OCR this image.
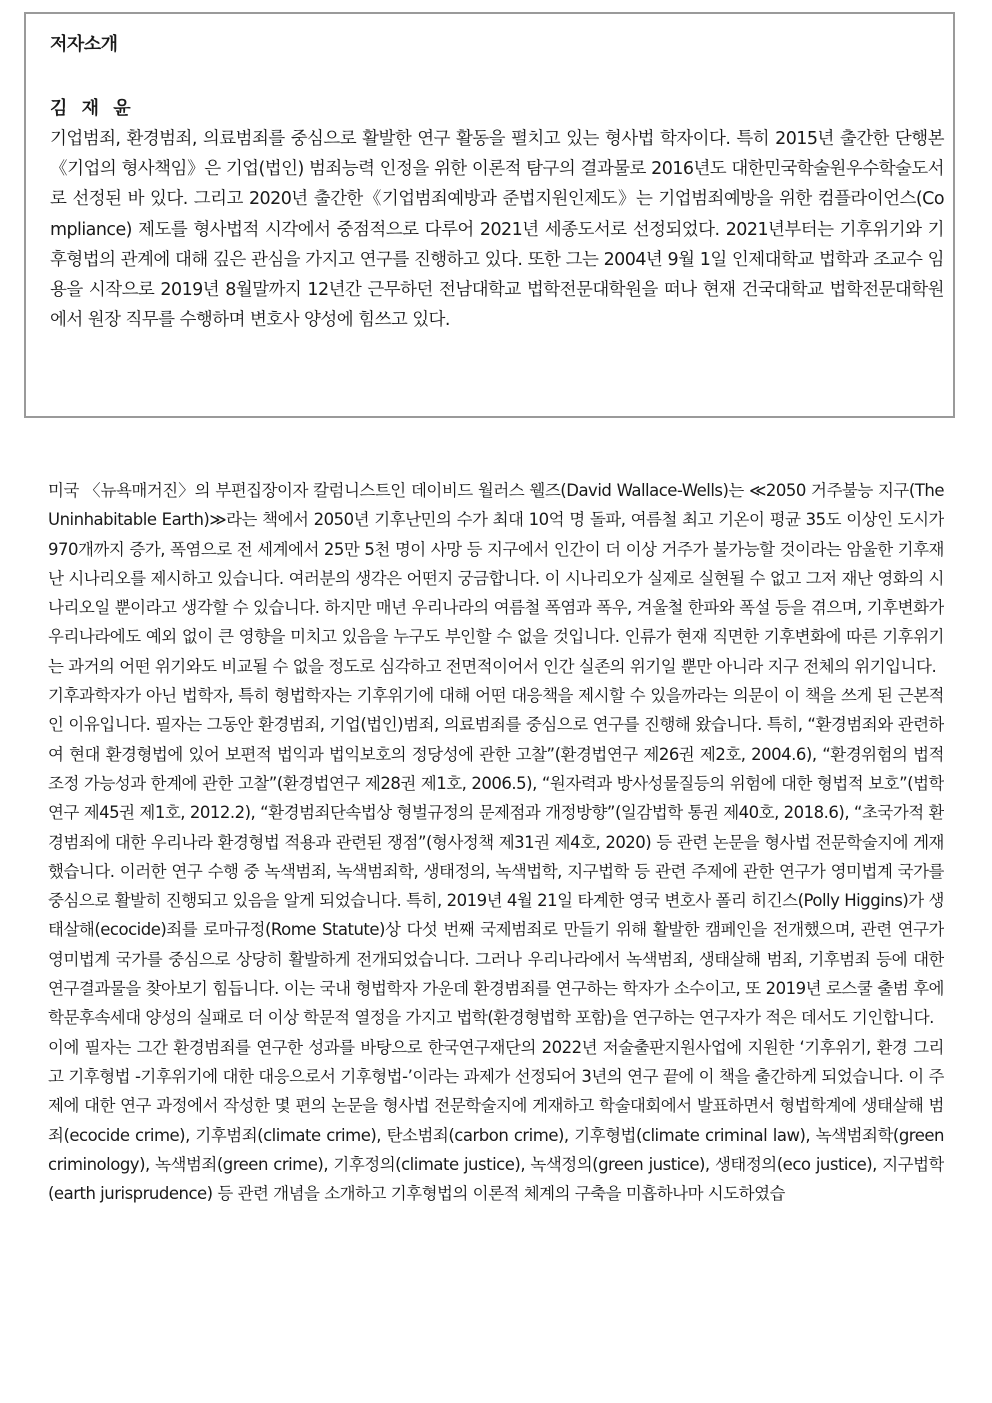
저자소개
김 재 윤

기업범죄, 환경범죄, 의료범죄를 중심으로 활발한 연구 활동을 펼치고 있는 형사법 학자이다. 특히 2015년 출간한 단행본《기업의 형사책임》은 기업(법인) 범죄능력 인정을 위한 이론적 탐구의 결과물로 2016년도 대한민국학술원우수학술도서로 선정된 바 있다. 그리고 2020년 출간한《기업범죄예방과 준법지원인제도》는 기업범죄예방을 위한 컴플라이언스(Compliance) 제도를 형사법적 시각에서 중점적으로 다루어 2021년 세종도서로 선정되었다. 2021년부터는 기후위기와 기후형법의 관계에 대해 깊은 관심을 가지고 연구를 진행하고 있다. 또한 그는 2004년 9월 1일 인제대학교 법학과 조교수 임용을 시작으로 2019년 8월말까지 12년간 근무하던 전남대학교 법학전문대학원을 떠나 현재 건국대학교 법학전문대학원에서 원장 직무를 수행하며 변호사 양성에 힘쓰고 있다.

미국 〈뉴욕매거진〉의 부편집장이자 칼럼니스트인 데이비드 월러스 웰즈(David Wallace-Wells)는 ≪2050 거주불능 지구(The Uninhabitable Earth)≫라는 책에서 2050년 기후난민의 수가 최대 10억 명 돌파, 여름철 최고 기온이 평균 35도 이상인 도시가 970개까지 증가, 폭염으로 전 세계에서 25만 5천 명이 사망 등 지구에서 인간이 더 이상 거주가 불가능할 것이라는 암울한 기후재난 시나리오를 제시하고 있습니다. 여러분의 생각은 어떤지 궁금합니다. 이 시나리오가 실제로 실현될 수 없고 그저 재난 영화의 시나리오일 뿐이라고 생각할 수 있습니다. 하지만 매년 우리나라의 여름철 폭염과 폭우, 겨울철 한파와 폭설 등을 겪으며, 기후변화가 우리나라에도 예외 없이 큰 영향을 미치고 있음을 누구도 부인할 수 없을 것입니다. 인류가 현재 직면한 기후변화에 따른 기후위기는 과거의 어떤 위기와도 비교될 수 없을 정도로 심각하고 전면적이어서 인간 실존의 위기일 뿐만 아니라 지구 전체의 위기입니다.

기후과학자가 아닌 법학자, 특히 형법학자는 기후위기에 대해 어떤 대응책을 제시할 수 있을까라는 의문이 이 책을 쓰게 된 근본적인 이유입니다. 필자는 그동안 환경범죄, 기업(법인)범죄, 의료범죄를 중심으로 연구를 진행해 왔습니다. 특히, “환경범죄와 관련하여 현대 환경형법에 있어 보편적 법익과 법익보호의 정당성에 관한 고찰”(환경법연구 제26권 제2호, 2004.6), “환경위험의 법적 조정 가능성과 한계에 관한 고찰”(환경법연구 제28권 제1호, 2006.5), “원자력과 방사성물질등의 위험에 대한 형법적 보호”(법학연구 제45권 제1호, 2012.2), “환경범죄단속법상 형벌규정의 문제점과 개정방향”(일감법학 통권 제40호, 2018.6), “초국가적 환경범죄에 대한 우리나라 환경형법 적용과 관련된 쟁점”(형사정책 제31권 제4호, 2020) 등 관련 논문을 형사법 전문학술지에 게재했습니다. 이러한 연구 수행 중 녹색범죄, 녹색범죄학, 생태정의, 녹색법학, 지구법학 등 관련 주제에 관한 연구가 영미법계 국가를 중심으로 활발히 진행되고 있음을 알게 되었습니다. 특히, 2019년 4월 21일 타계한 영국 변호사 폴리 히긴스(Polly Higgins)가 생태살해(ecocide)죄를 로마규정(Rome Statute)상 다섯 번째 국제범죄로 만들기 위해 활발한 캠페인을 전개했으며, 관련 연구가 영미법계 국가를 중심으로 상당히 활발하게 전개되었습니다. 그러나 우리나라에서 녹색범죄, 생태살해 범죄, 기후범죄 등에 대한 연구결과물을 찾아보기 힘듭니다. 이는 국내 형법학자 가운데 환경범죄를 연구하는 학자가 소수이고, 또 2019년 로스쿨 출범 후에 학문후속세대 양성의 실패로 더 이상 학문적 열정을 가지고 법학(환경형법학 포함)을 연구하는 연구자가 적은 데서도 기인합니다.

이에 필자는 그간 환경범죄를 연구한 성과를 바탕으로 한국연구재단의 2022년 저술출판지원사업에 지원한 ‘기후위기, 환경 그리고 기후형법 -기후위기에 대한 대응으로서 기후형법-’이라는 과제가 선정되어 3년의 연구 끝에 이 책을 출간하게 되었습니다. 이 주제에 대한 연구 과정에서 작성한 몇 편의 논문을 형사법 전문학술지에 게재하고 학술대회에서 발표하면서 형법학계에 생태살해 범죄(ecocide crime), 기후범죄(climate crime), 탄소범죄(carbon crime), 기후형법(climate criminal law), 녹색범죄학(green criminology), 녹색범죄(green crime), 기후정의(climate justice), 녹색정의(green justice), 생태정의(eco justice), 지구법학(earth jurisprudence) 등 관련 개념을 소개하고 기후형법의 이론적 체계의 구축을 미흡하나마 시도하였습
